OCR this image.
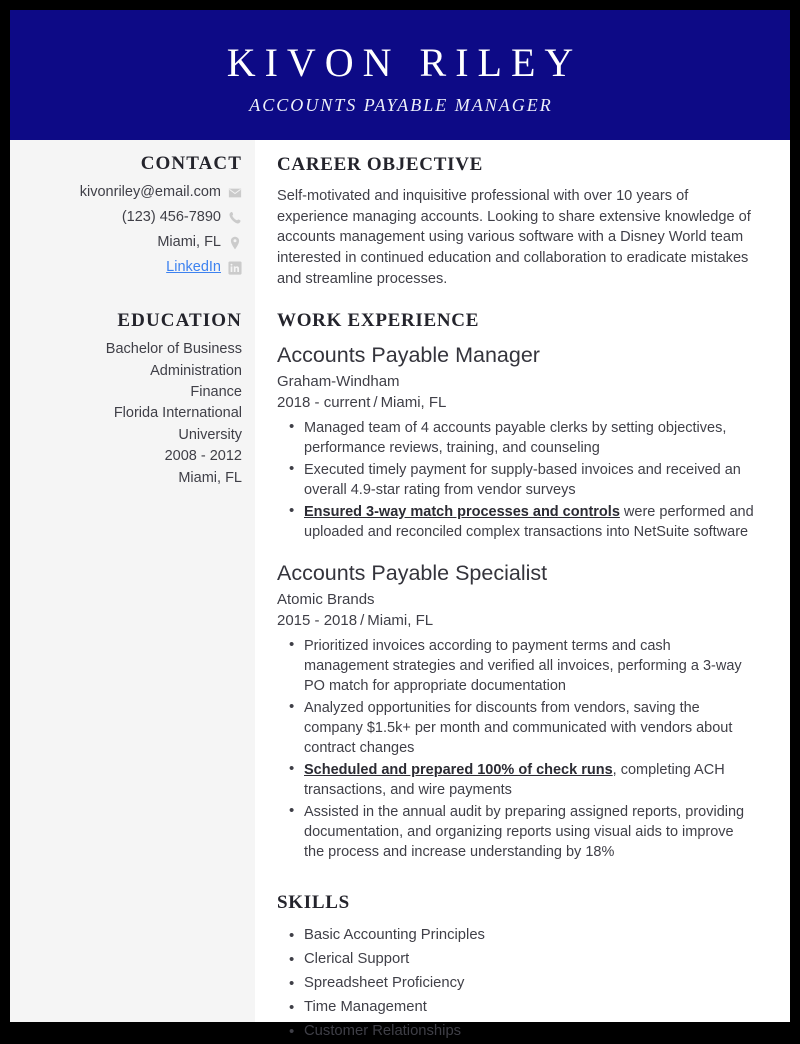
KIVON RILEY
ACCOUNTS PAYABLE MANAGER
CONTACT
kivonriley@email.com
(123) 456-7890
Miami, FL
LinkedIn
EDUCATION
Bachelor of Business
Administration
Finance
Florida International
University
2008 - 2012
Miami, FL
CAREER OBJECTIVE
Self-motivated and inquisitive professional with over 10 years of experience managing accounts. Looking to share extensive knowledge of accounts management using various software with a Disney World team interested in continued education and collaboration to eradicate mistakes and streamline processes.
WORK EXPERIENCE
Accounts Payable Manager
Graham-Windham
2018 - current / Miami, FL
• Managed team of 4 accounts payable clerks by setting objectives, performance reviews, training, and counseling
• Executed timely payment for supply-based invoices and received an overall 4.9-star rating from vendor surveys
• Ensured 3-way match processes and controls were performed and uploaded and reconciled complex transactions into NetSuite software
Accounts Payable Specialist
Atomic Brands
2015 - 2018 / Miami, FL
• Prioritized invoices according to payment terms and cash management strategies and verified all invoices, performing a 3-way PO match for appropriate documentation
• Analyzed opportunities for discounts from vendors, saving the company $1.5k+ per month and communicated with vendors about contract changes
• Scheduled and prepared 100% of check runs, completing ACH transactions, and wire payments
• Assisted in the annual audit by preparing assigned reports, providing documentation, and organizing reports using visual aids to improve the process and increase understanding by 18%
SKILLS
• Basic Accounting Principles
• Clerical Support
• Spreadsheet Proficiency
• Time Management
• Customer Relationships
